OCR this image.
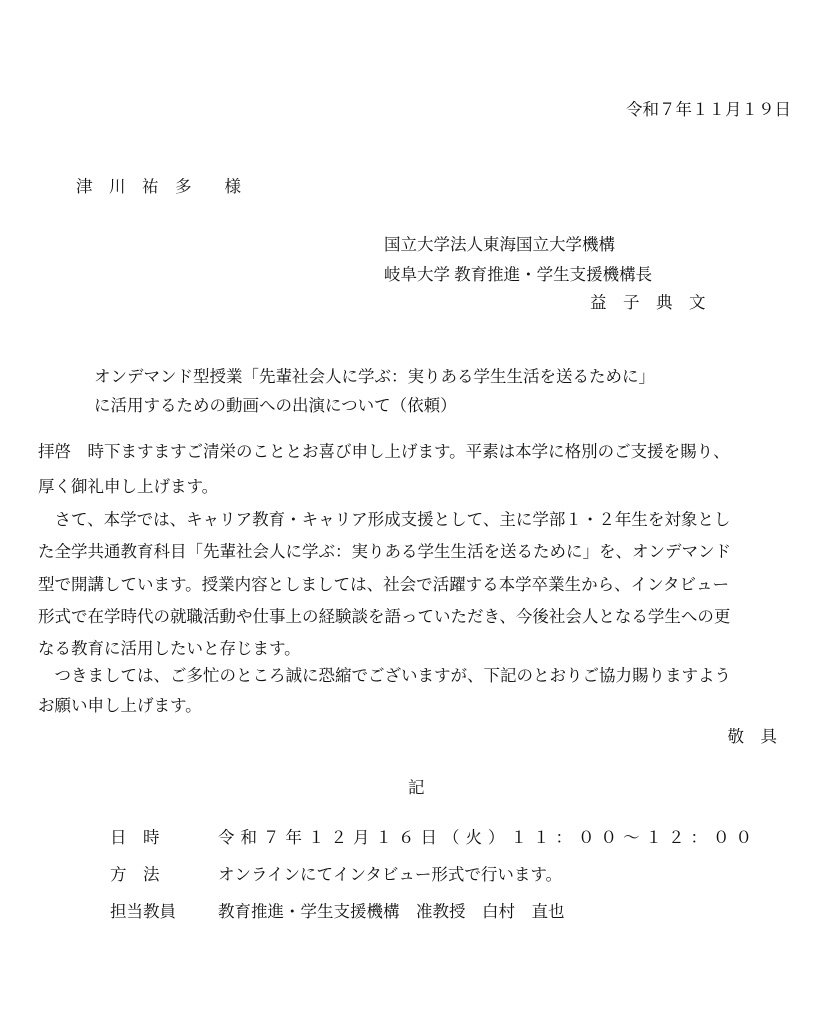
令和７年１１月１９日
津　川　祐　多　　様
国立大学法人東海国立大学機構
岐阜大学 教育推進・学生支援機構長
益　子　典　文
オンデマンド型授業「先輩社会人に学ぶ：実りある学生生活を送るために」
に活用するための動画への出演について（依頼）
拝啓　時下ますますご清栄のこととお喜び申し上げます。平素は本学に格別のご支援を賜り、
厚く御礼申し上げます。
　さて、本学では、キャリア教育・キャリア形成支援として、主に学部１・２年生を対象とし
た全学共通教育科目「先輩社会人に学ぶ：実りある学生生活を送るために」を、オンデマンド
型で開講しています。授業内容としましては、社会で活躍する本学卒業生から、インタビュー
形式で在学時代の就職活動や仕事上の経験談を語っていただき、今後社会人となる学生への更
なる教育に活用したいと存じます。
　つきましては、ご多忙のところ誠に恐縮でございますが、下記のとおりご協力賜りますよう
お願い申し上げます。
敬　具
記
日　時	令和７年１２月１６日（火）１１：００～１２：００
方　法	オンラインにてインタビュー形式で行います。
担当教員	教育推進・学生支援機構　准教授　白村　直也
